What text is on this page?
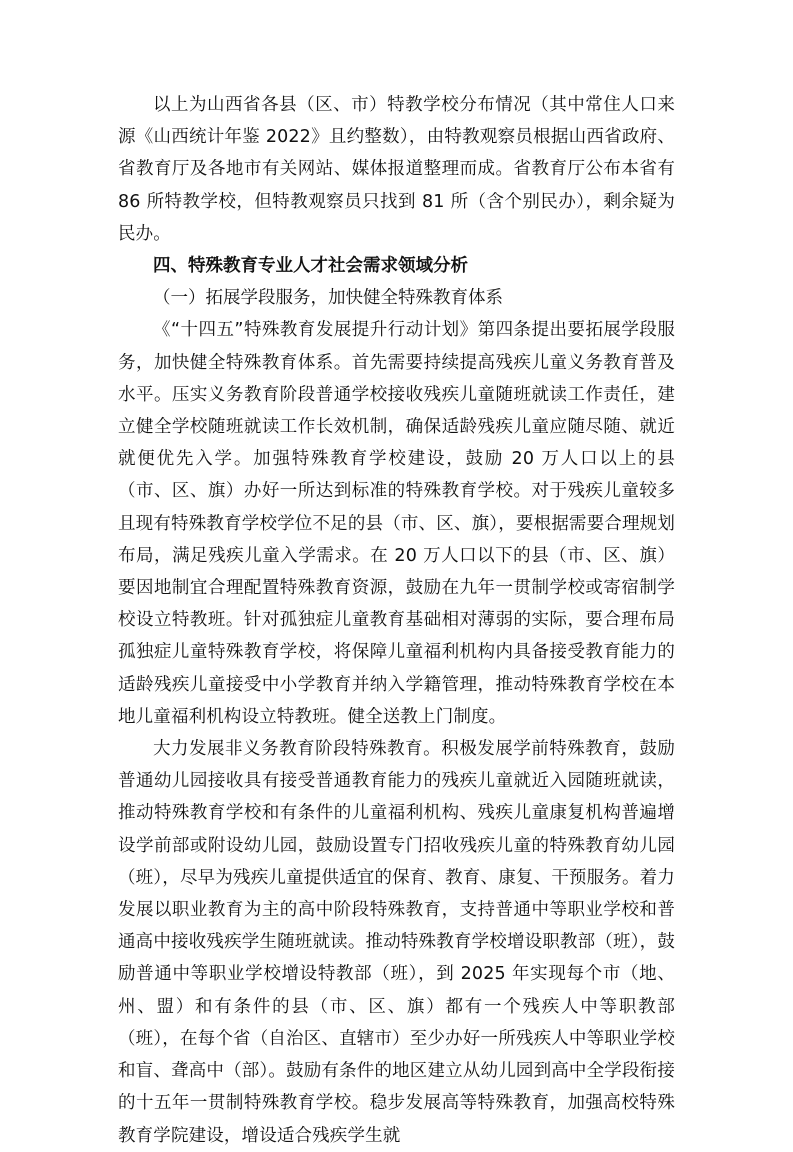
以上为山西省各县（区、市）特教学校分布情况（其中常住人口来源《山西统计年鉴 2022》且约整数），由特教观察员根据山西省政府、省教育厅及各地市有关网站、媒体报道整理而成。省教育厅公布本省有 86 所特教学校，但特教观察员只找到 81 所（含个别民办），剩余疑为民办。

四、特殊教育专业人才社会需求领域分析

（一）拓展学段服务，加快健全特殊教育体系

《“十四五”特殊教育发展提升行动计划》第四条提出要拓展学段服务，加快健全特殊教育体系。首先需要持续提高残疾儿童义务教育普及水平。压实义务教育阶段普通学校接收残疾儿童随班就读工作责任，建立健全学校随班就读工作长效机制，确保适龄残疾儿童应随尽随、就近就便优先入学。加强特殊教育学校建设，鼓励 20 万人口以上的县（市、区、旗）办好一所达到标准的特殊教育学校。对于残疾儿童较多且现有特殊教育学校学位不足的县（市、区、旗），要根据需要合理规划布局，满足残疾儿童入学需求。在 20 万人口以下的县（市、区、旗）要因地制宜合理配置特殊教育资源，鼓励在九年一贯制学校或寄宿制学校设立特教班。针对孤独症儿童教育基础相对薄弱的实际，要合理布局孤独症儿童特殊教育学校，将保障儿童福利机构内具备接受教育能力的适龄残疾儿童接受中小学教育并纳入学籍管理，推动特殊教育学校在本地儿童福利机构设立特教班。健全送教上门制度。

大力发展非义务教育阶段特殊教育。积极发展学前特殊教育，鼓励普通幼儿园接收具有接受普通教育能力的残疾儿童就近入园随班就读，推动特殊教育学校和有条件的儿童福利机构、残疾儿童康复机构普遍增设学前部或附设幼儿园，鼓励设置专门招收残疾儿童的特殊教育幼儿园（班），尽早为残疾儿童提供适宜的保育、教育、康复、干预服务。着力发展以职业教育为主的高中阶段特殊教育，支持普通中等职业学校和普通高中接收残疾学生随班就读。推动特殊教育学校增设职教部（班），鼓励普通中等职业学校增设特教部（班），到 2025 年实现每个市（地、州、盟）和有条件的县（市、区、旗）都有一个残疾人中等职教部（班），在每个省（自治区、直辖市）至少办好一所残疾人中等职业学校和盲、聋高中（部）。鼓励有条件的地区建立从幼儿园到高中全学段衔接的十五年一贯制特殊教育学校。稳步发展高等特殊教育，加强高校特殊教育学院建设，增设适合残疾学生就
